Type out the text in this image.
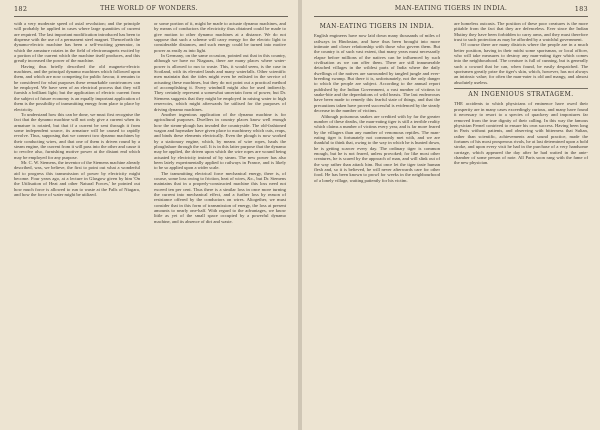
182	THE WORLD OF WONDERS.

with a very moderate speed of axial revolution; and the principle will probably be applied in cases where large quantities of current are required. The last important modification introduced has been to dispense with the use of a permanent steel magnet. Thenceforth the dynamo-electric machine has been a self-exciting generator, in which the armature rotates in the field of electromagnets excited by a portion of the current which the machine itself produces, and this greatly increased the power of the machine.

Having thus briefly described the old magneto-electric machines, and the principal dynamo machines which followed upon them, and which are now competing for public favour, it remains to be considered for what purposes these remarkable contrivances can be employed. We have seen of an electrical process that they will furnish a brilliant light; but the application of electric current from the subject of future economy is an equally important application of them is the possibility of transmitting energy from place to place by electricity.

To understand how this can be done, we must first recognise the fact that the dynamo machine will not only give a current when its armature is rotated, but that if a current be sent through it from some independent source, its armature will be caused to rapidly revolve. Thus, supposing that we connect two dynamo machines by their conducting wires, and that one of them is driven round by a steam engine, the current from it will pass into the other and cause it to revolve also, furnishing motive power at the distant end which may be employed for any purpose.

Mr. C. W. Siemens, the inventor of the Siemens machine already described, was, we believe, the first to point out what a wonderful aid to progress this transmission of power by electricity might become. Four years ago, at a lecture in Glasgow given by him 'On the Utilisation of Heat and other Natural Forces,' he pointed out how much force is allowed to run to waste at the Falls of Niagara, and how the force of water might be utilized.

or some portion of it, might be made to actuate dynamo machines, and by means of conductors the electricity thus obtained could be made to give motion to other dynamo machines at a distance. We do not suppose that such a scheme will carry energy for the electric light to considerable distances, and such energy could be turned into motive power as easily as into light.

In Germany, on the same occasion, pointed out that in this country, although we have no Niagaras, there are many places where water-power is allowed to run to waste. This, it would seem, is the case in Scotland, with its elevated lands and many waterfalls. Other scientific men maintain that the tides might even be enlisted in the service of actuating these machines, but they do not point out a practical method of accomplishing it. Every windmill might also be used indirectly. They certainly represent a somewhat uncertain form of power, but Dr. Siemens suggests that they might be employed in raising water to high reservoirs, which might afterwards be utilised for the purposes of driving dynamo machines.

Another ingenious application of the dynamo machine is for agricultural purposes. Dwellers in country places know well enough how the steam-plough has invaded the countryside. The old-fashioned wagon and haymaker have given place to machinery which cuts, reaps, and binds these elements electrically. Even the plough is now worked by a stationary engine, which, by means of wire ropes, hauls the ploughshare through the soil. It is in this latter purpose that the dynamo may be applied, the driven upon which the wire ropes are wound being actuated by electricity instead of by steam. The new power has also been lately experimentally applied to railways in France, and is likely to be so applied upon a wider scale.

The transmitting electrical force mechanical energy, there is, of course, some loss owing to friction, heat of wires, &c., but Dr. Siemens maintains that in a properly-constructed machine this loss need not exceed ten per cent. Thus there is a similar loss in once more turning the current into mechanical effect, and a further loss by reason of resistance offered by the conductors on wires. Altogether, we must consider that in this form of transmission of energy, the loss at present amounts to nearly one-half. With regard to the advantages, we know little as yet of the small space occupied by a powerful dynamo machine, and its absence of dirt and waste.

MAN-EATING TIGERS IN INDIA.	183
MAN-EATING TIGERS IN INDIA.

English engineers have now laid down many thousands of miles of railways in Hindostan, and have thus been brought into more intimate and closer relationship with those who govern them. But the country is of such vast extent, that many years must necessarily elapse before millions of the natives can be influenced by such civilisation as we can offer them. There are still innumerable detached villages in the wildest parts of India where the daily dwellings of the natives are surrounded by tangled jungle and ever-breeding swamp. But there it is, unfortunately, not the only danger to which the people are subject. According to the annual report published by the Indian Government, a vast number of victims to snake-bite and the depredations of wild beasts. The last endeavours have been made to remedy this fearful state of things, and that the precautions taken have proved successful is evidenced by the steady decrease in the number of victims.

Although poisonous snakes are credited with by far the greater number of these deaths, the man-eating tiger is still a terrible reality which claims a number of victims every year, and is far more feared by the villagers than any number of venomous reptiles. The man-eating tiger is fortunately not commonly met with, and we are thankful to think that, owing to the way in which he is hunted down, he is getting scarcer every day. The ordinary tiger is common enough, but he is not feared, unless provoked; for like most other creatures, he is scared by the approach of man, and will slink out of the way rather than attack him. But once let the tiger taste human flesh and, so it is believed, he will never afterwards care for other food. He has been known to prowl for weeks in the neighbourhood of a lonely village, waiting patiently for his victim.

are homeless outcasts. The position of these poor creatures is the more pitiable from the fact that they are defenceless. Ever since the Indian Mutiny they have been forbidden to carry arms, and they must therefore trust to such protection as may be afforded by a watchful government.

Of course there are many districts where the people are in a much better position, having in their midst some sportsman, or local officer, who will take measures to destroy any man-eating tiger which comes into the neighbourhood. The creature is full of cunning, but is generally such a coward that he can, when found, be easily despatched. The sportsmen greatly prize the tiger's skin, which, however, has not always an intrinsic value; for often the man-eater is old and mangy, and almost absolutely useless.

AN INGENIOUS STRATAGEM.

THE accidents to which physicians of eminence have owed their prosperity are in many cases exceedingly curious, and many have found it necessary to resort to a species of quackery and impostures far removed from the true dignity of their calling. In this way the famous physician Fernel contrived to ensure his own success. Having been long in Paris without patients, and observing with bitterness that Sultan, rather than scientific, achievements and sound practice, made the fortunes of his most prosperous rivals, he at last determined upon a bold stroke, and upon every visit he had in the purchase of a very handsome carriage, which appeared the day after he had waited in the ante-chamber of some person of note. All Paris soon rang with the fame of the new physician.
